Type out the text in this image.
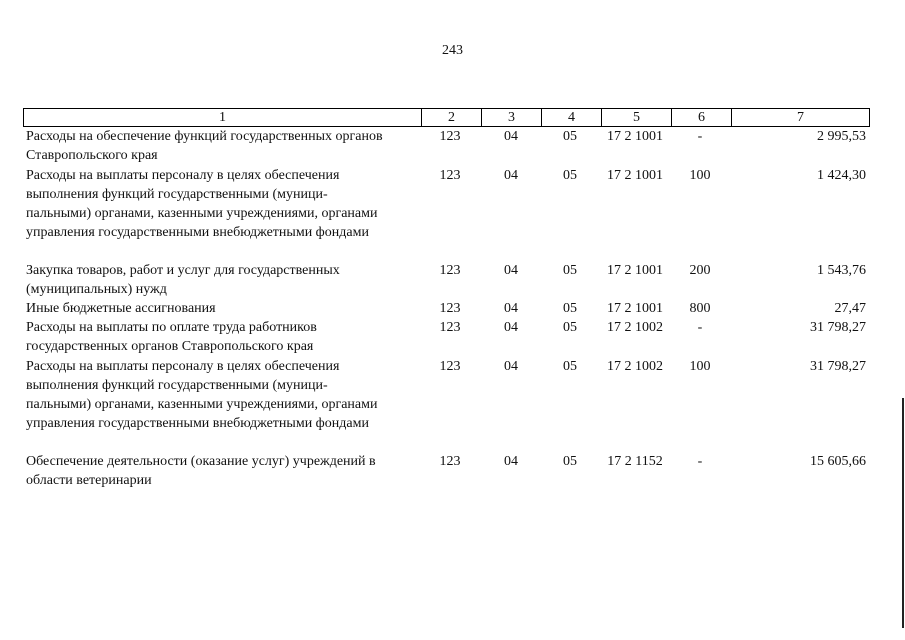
243
1	2	3	4	5	6	7
Расходы на обеспечение функций государственных органов
Ставропольского края
123	04	05	17 2 1001	-	2 995,53
Расходы на выплаты персоналу в целях обеспечения
выполнения функций государственными (муници-
пальными) органами, казенными учреждениями, органами
управления государственными внебюджетными фондами
123	04	05	17 2 1001	100	1 424,30
Закупка товаров, работ и услуг для государственных
(муниципальных) нужд
123	04	05	17 2 1001	200	1 543,76
Иные бюджетные ассигнования	123	04	05	17 2 1001	800	27,47
Расходы на выплаты по оплате труда работников
государственных органов Ставропольского края
123	04	05	17 2 1002	-	31 798,27
Расходы на выплаты персоналу в целях обеспечения
выполнения функций государственными (муници-
пальными) органами, казенными учреждениями, органами
управления государственными внебюджетными фондами
123	04	05	17 2 1002	100	31 798,27
Обеспечение деятельности (оказание услуг) учреждений в
области ветеринарии
123	04	05	17 2 1152	-	15 605,66
